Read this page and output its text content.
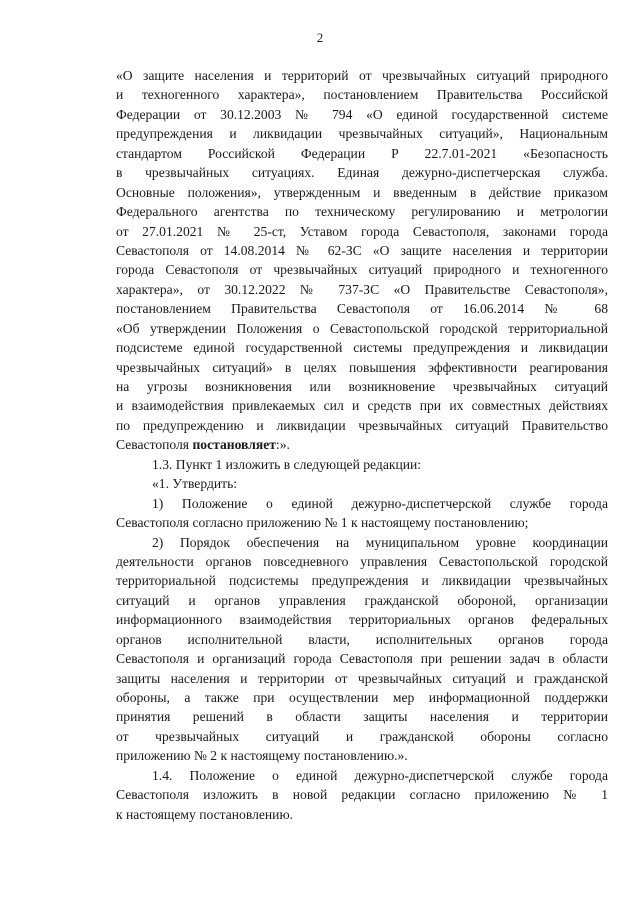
2
«О защите населения и территорий от чрезвычайных ситуаций природного
и техногенного характера», постановлением Правительства Российской
Федерации от 30.12.2003 № 794 «О единой государственной системе
предупреждения и ликвидации чрезвычайных ситуаций», Национальным
стандартом Российской Федерации Р 22.7.01-2021 «Безопасность
в чрезвычайных ситуациях. Единая дежурно-диспетчерская служба.
Основные положения», утвержденным и введенным в действие приказом
Федерального агентства по техническому регулированию и метрологии
от 27.01.2021 № 25-ст, Уставом города Севастополя, законами города
Севастополя от 14.08.2014 № 62-ЗС «О защите населения и территории
города Севастополя от чрезвычайных ситуаций природного и техногенного
характера», от 30.12.2022 № 737-ЗС «О Правительстве Севастополя»,
постановлением Правительства Севастополя от 16.06.2014 № 68
«Об утверждении Положения о Севастопольской городской территориальной
подсистеме единой государственной системы предупреждения и ликвидации
чрезвычайных ситуаций» в целях повышения эффективности реагирования
на угрозы возникновения или возникновение чрезвычайных ситуаций
и взаимодействия привлекаемых сил и средств при их совместных действиях
по предупреждению и ликвидации чрезвычайных ситуаций Правительство
Севастополя постановляет:».
1.3. Пункт 1 изложить в следующей редакции:
«1. Утвердить:
1) Положение о единой дежурно-диспетчерской службе города
Севастополя согласно приложению № 1 к настоящему постановлению;
2) Порядок обеспечения на муниципальном уровне координации
деятельности органов повседневного управления Севастопольской городской
территориальной подсистемы предупреждения и ликвидации чрезвычайных
ситуаций и органов управления гражданской обороной, организации
информационного взаимодействия территориальных органов федеральных
органов исполнительной власти, исполнительных органов города
Севастополя и организаций города Севастополя при решении задач в области
защиты населения и территории от чрезвычайных ситуаций и гражданской
обороны, а также при осуществлении мер информационной поддержки
принятия решений в области защиты населения и территории
от чрезвычайных ситуаций и гражданской обороны согласно
приложению № 2 к настоящему постановлению.».
1.4. Положение о единой дежурно-диспетчерской службе города
Севастополя изложить в новой редакции согласно приложению № 1
к настоящему постановлению.
